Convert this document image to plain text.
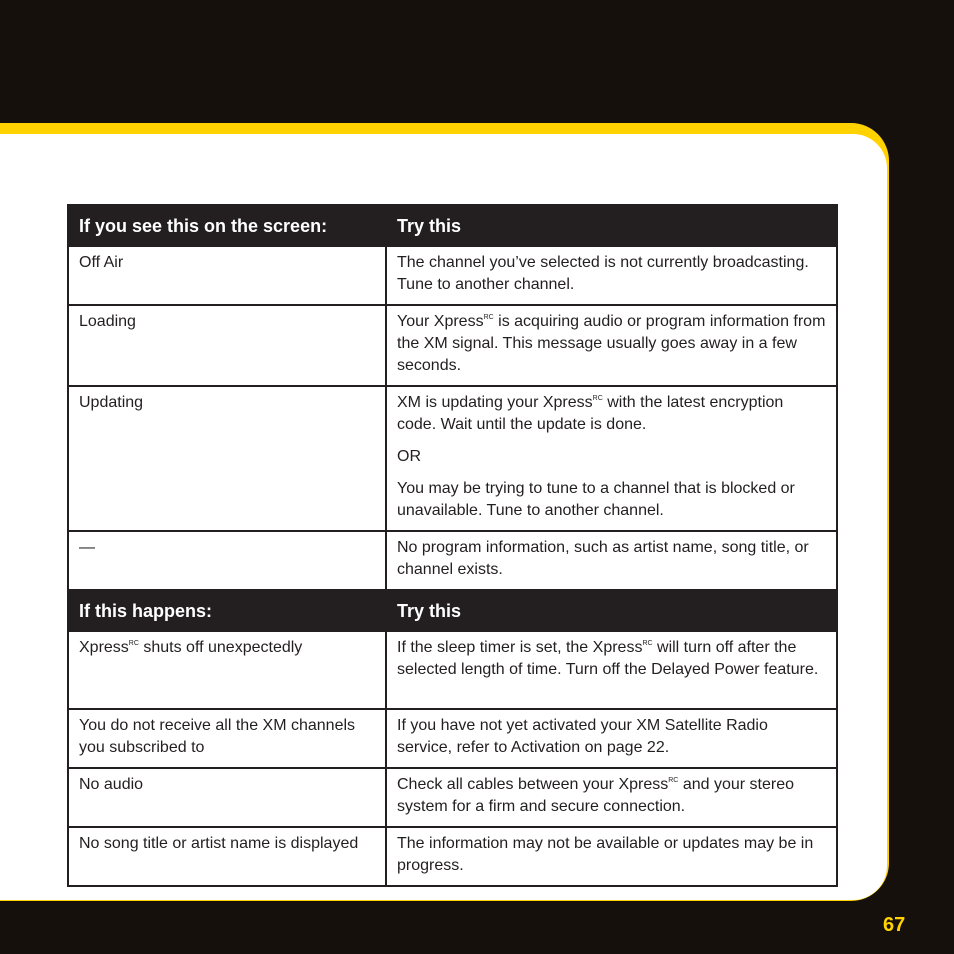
If you see this on the screen:	Try this

Off Air	The channel you’ve selected is not currently broadcasting. Tune to another channel.

Loading	Your Xpress$^{RC}$ is acquiring audio or program information from the XM signal. This message usually goes away in a few seconds.

Updating	XM is updating your Xpress$^{RC}$ with the latest encryption code. Wait until the update is done.

OR

You may be trying to tune to a channel that is blocked or unavailable. Tune to another channel.

—	No program information, such as artist name, song title, or channel exists.

If this happens:	Try this

Xpress$^{RC}$ shuts off unexpectedly	If the sleep timer is set, the Xpress$^{RC}$ will turn off after the selected length of time. Turn off the Delayed Power feature.

You do not receive all the XM channels you subscribed to	If you have not yet activated your XM Satellite Radio service, refer to Activation on page 22.

No audio	Check all cables between your Xpress$^{RC}$ and your stereo system for a firm and secure connection.

No song title or artist name is displayed	The information may not be available or updates may be in progress.

67
